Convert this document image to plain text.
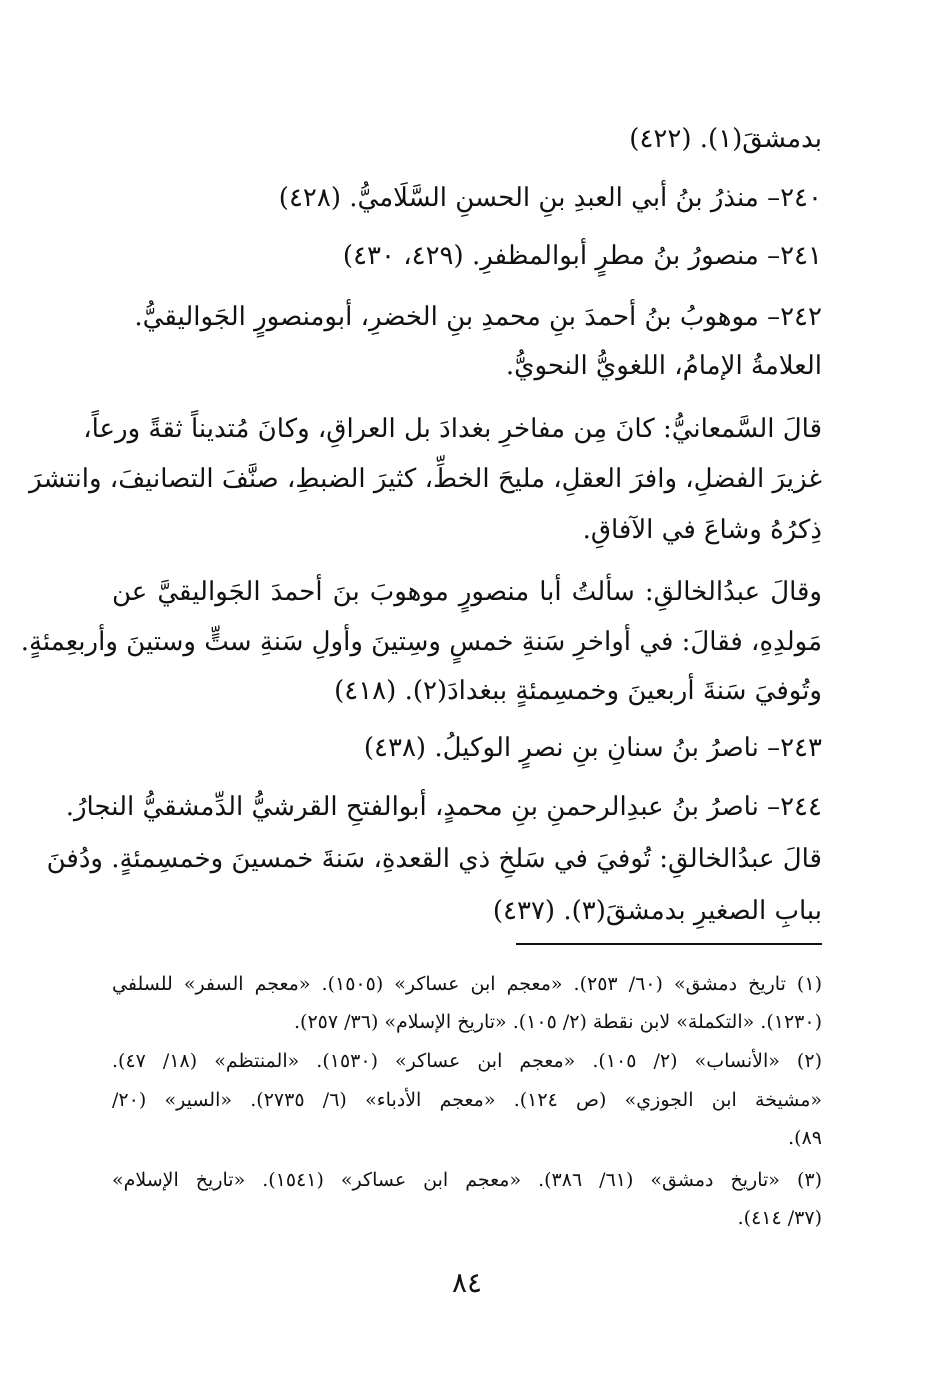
بدمشقَ(١). (٤٢٢)
٢٤٠– منذرُ بنُ أبي العبدِ بنِ الحسنِ السَّلَاميُّ. (٤٢٨)
٢٤١– منصورُ بنُ مطرٍ أبوالمظفرِ. (٤٢٩، ٤٣٠)
٢٤٢– موهوبُ بنُ أحمدَ بنِ محمدِ بنِ الخضرِ، أبومنصورٍ الجَواليقيُّ.
العلامةُ الإمامُ، اللغويُّ النحويُّ.
قالَ السَّمعانيُّ: كانَ مِن مفاخرِ بغدادَ بل العراقِ، وكانَ مُتديناً ثقةً ورعاً،
غزيرَ الفضلِ، وافرَ العقلِ، مليحَ الخطِّ، كثيرَ الضبطِ، صنَّفَ التصانيفَ، وانتشرَ
ذِكرُهُ وشاعَ في الآفاقِ.
وقالَ عبدُالخالقِ: سألتُ أبا منصورٍ موهوبَ بنَ أحمدَ الجَواليقيَّ عن
مَولدِهِ، فقالَ: في أواخرِ سَنةِ خمسٍ وسِتينَ وأولِ سَنةِ ستٍّ وستينَ وأربعِمئةٍ.
وتُوفيَ سَنةَ أربعينَ وخمسِمئةٍ ببغدادَ(٢). (٤١٨)
٢٤٣– ناصرُ بنُ سنانِ بنِ نصرٍ الوكيلُ. (٤٣٨)
٢٤٤– ناصرُ بنُ عبدِالرحمنِ بنِ محمدٍ، أبوالفتحِ القرشيُّ الدِّمشقيُّ النجارُ.
قالَ عبدُالخالقِ: تُوفيَ في سَلخِ ذي القعدةِ، سَنةَ خمسينَ وخمسِمئةٍ. ودُفنَ
ببابِ الصغيرِ بدمشقَ(٣). (٤٣٧)
(١) تاريخ دمشق» (٦٠/ ٢٥٣). «معجم ابن عساكر» (١٥٠٥). «معجم السفر» للسلفي
(١٢٣٠). «التكملة» لابن نقطة (٢/ ١٠٥). «تاريخ الإسلام» (٣٦/ ٢٥٧).
(٢) «الأنساب» (٢/ ١٠٥). «معجم ابن عساكر» (١٥٣٠). «المنتظم» (١٨/ ٤٧).
«مشيخة ابن الجوزي» (ص ١٢٤). «معجم الأدباء» (٦/ ٢٧٣٥). «السير» (٢٠/
٨٩).
(٣) «تاريخ دمشق» (٦١/ ٣٨٦). «معجم ابن عساكر» (١٥٤١). «تاريخ الإسلام»
(٣٧/ ٤١٤).
٨٤
